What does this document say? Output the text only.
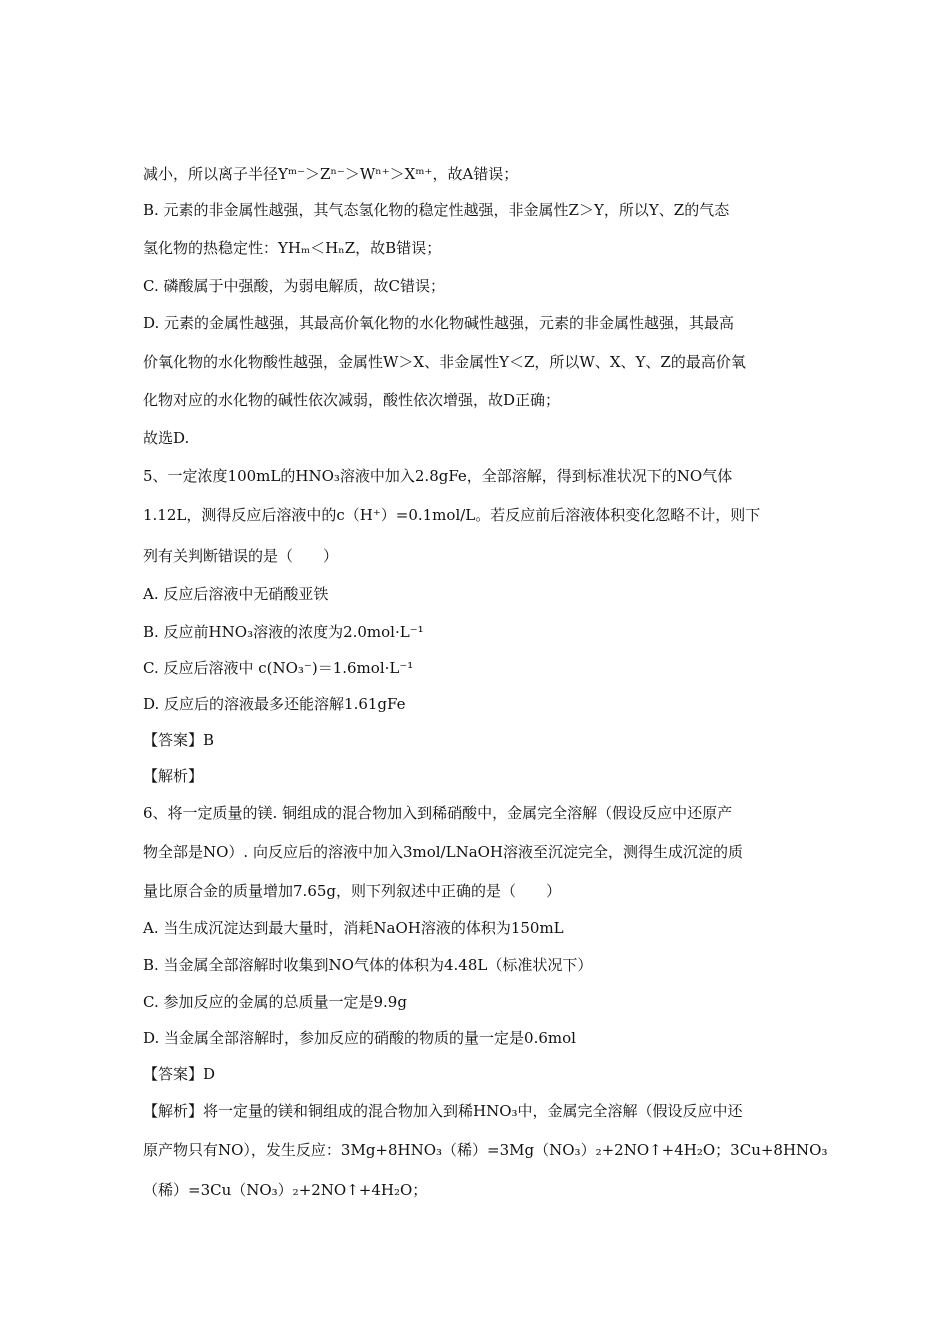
减小，所以离子半径Yᵐ⁻＞Zⁿ⁻＞Wⁿ⁺＞Xᵐ⁺，故A错误；
B. 元素的非金属性越强，其气态氢化物的稳定性越强，非金属性Z＞Y，所以Y、Z的气态
氢化物的热稳定性：YHₘ＜HₙZ，故B错误；
C. 磷酸属于中强酸，为弱电解质，故C错误；
D. 元素的金属性越强，其最高价氧化物的水化物碱性越强，元素的非金属性越强，其最高
价氧化物的水化物酸性越强，金属性W＞X、非金属性Y＜Z，所以W、X、Y、Z的最高价氧
化物对应的水化物的碱性依次减弱，酸性依次增强，故D正确；
故选D.
5、一定浓度100mL的HNO₃溶液中加入2.8gFe，全部溶解，得到标准状况下的NO气体
1.12L，测得反应后溶液中的c（H⁺）=0.1mol/L。若反应前后溶液体积变化忽略不计，则下
列有关判断错误的是（　　）
A. 反应后溶液中无硝酸亚铁
B. 反应前HNO₃溶液的浓度为2.0mol·L⁻¹
C. 反应后溶液中 c(NO₃⁻)＝1.6mol·L⁻¹
D. 反应后的溶液最多还能溶解1.61gFe
【答案】B
【解析】
6、将一定质量的镁. 铜组成的混合物加入到稀硝酸中，金属完全溶解（假设反应中还原产
物全部是NO）. 向反应后的溶液中加入3mol/LNaOH溶液至沉淀完全，测得生成沉淀的质
量比原合金的质量增加7.65g，则下列叙述中正确的是（　　）
A. 当生成沉淀达到最大量时，消耗NaOH溶液的体积为150mL
B. 当金属全部溶解时收集到NO气体的体积为4.48L（标准状况下）
C. 参加反应的金属的总质量一定是9.9g
D. 当金属全部溶解时，参加反应的硝酸的物质的量一定是0.6mol
【答案】D
【解析】将一定量的镁和铜组成的混合物加入到稀HNO₃中，金属完全溶解（假设反应中还
原产物只有NO），发生反应：3Mg+8HNO₃（稀）=3Mg（NO₃）₂+2NO↑+4H₂O；3Cu+8HNO₃
（稀）=3Cu（NO₃）₂+2NO↑+4H₂O；
